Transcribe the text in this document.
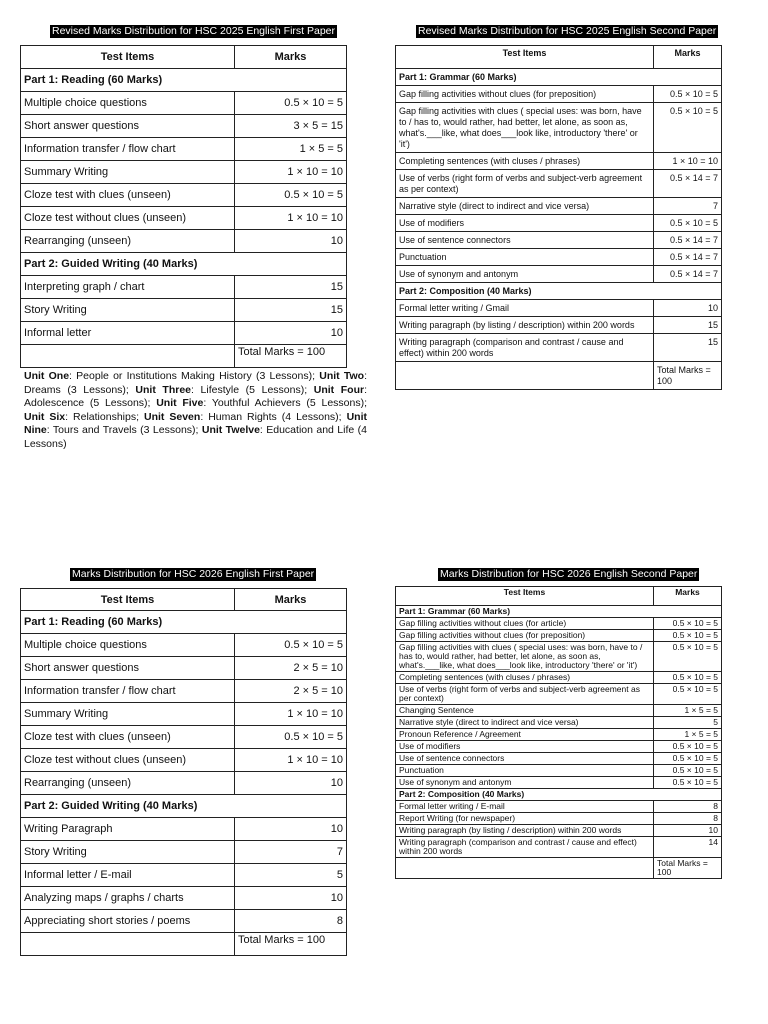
Revised Marks Distribution for HSC 2025 English First Paper
Test Items	Marks
Part 1: Reading (60 Marks)	
Multiple choice questions	0.5 × 10 = 5
Short answer questions	3 × 5 = 15
Information transfer / flow chart	1 × 5 = 5
Summary Writing	1 × 10 = 10
Cloze test with clues (unseen)	0.5 × 10 = 5
Cloze test without clues (unseen)	1 × 10 = 10
Rearranging (unseen)	10
Part 2: Guided Writing (40 Marks)	
Interpreting graph / chart	15
Story Writing	15
Informal letter	10
	Total Marks = 100
Unit One: People or Institutions Making History (3 Lessons); Unit Two: Dreams (3 Lessons); Unit Three: Lifestyle (5 Lessons); Unit Four: Adolescence (5 Lessons); Unit Five: Youthful Achievers (5 Lessons); Unit Six: Relationships; Unit Seven: Human Rights (4 Lessons); Unit Nine: Tours and Travels (3 Lessons); Unit Twelve: Education and Life (4 Lessons)
Revised Marks Distribution for HSC 2025 English Second Paper
Test Items	Marks
Part 1: Grammar (60 Marks)	
Gap filling activities without clues (for preposition)	0.5 × 10 = 5
Gap filling activities with clues ( special uses: was born, have to / has to, would rather, had better, let alone, as soon as, what's.___like, what does___look like, introductory 'there' or 'it')	0.5 × 10 = 5
Completing sentences (with cluses / phrases)	1 × 10 = 10
Use of verbs (right form of verbs and subject-verb agreement as per context)	0.5 × 14 = 7
Narrative style (direct to indirect and vice versa)	7
Use of modifiers	0.5 × 10 = 5
Use of sentence connectors	0.5 × 14 = 7
Punctuation	0.5 × 14 = 7
Use of synonym and antonym	0.5 × 14 = 7
Part 2: Composition (40 Marks)	
Formal letter writing / Gmail	10
Writing paragraph (by listing / description) within 200 words	15
Writing paragraph (comparison and contrast / cause and effect) within 200 words	15
	Total Marks = 100
Marks Distribution for HSC 2026 English First Paper
Test Items	Marks
Part 1: Reading (60 Marks)	
Multiple choice questions	0.5 × 10 = 5
Short answer questions	2 × 5 = 10
Information transfer / flow chart	2 × 5 = 10
Summary Writing	1 × 10 = 10
Cloze test with clues (unseen)	0.5 × 10 = 5
Cloze test without clues (unseen)	1 × 10 = 10
Rearranging (unseen)	10
Part 2: Guided Writing (40 Marks)	
Writing Paragraph	10
Story Writing	7
Informal letter / E-mail	5
Analyzing maps / graphs / charts	10
Appreciating short stories / poems	8
	Total Marks = 100
Marks Distribution for HSC 2026 English Second Paper
Test Items	Marks
Part 1: Grammar (60 Marks)	
Gap filling activities without clues (for article)	0.5 × 10 = 5
Gap filling activities without clues (for preposition)	0.5 × 10 = 5
Gap filling activities with clues ( special uses: was born, have to / has to, would rather, had better, let alone, as soon as, what's.___like, what does___look like, introductory 'there' or 'it')	0.5 × 10 = 5
Completing sentences (with cluses / phrases)	0.5 × 10 = 5
Use of verbs (right form of verbs and subject-verb agreement as per context)	0.5 × 10 = 5
Changing Sentence	1 × 5 = 5
Narrative style (direct to indirect and vice versa)	5
Pronoun Reference / Agreement	1 × 5 = 5
Use of modifiers	0.5 × 10 = 5
Use of sentence connectors	0.5 × 10 = 5
Punctuation	0.5 × 10 = 5
Use of synonym and antonym	0.5 × 10 = 5
Part 2: Composition (40 Marks)	
Formal letter writing / E-mail	8
Report Writing (for newspaper)	8
Writing paragraph (by listing / description) within 200 words	10
Writing paragraph (comparison and contrast / cause and effect) within 200 words	14
	Total Marks = 100
